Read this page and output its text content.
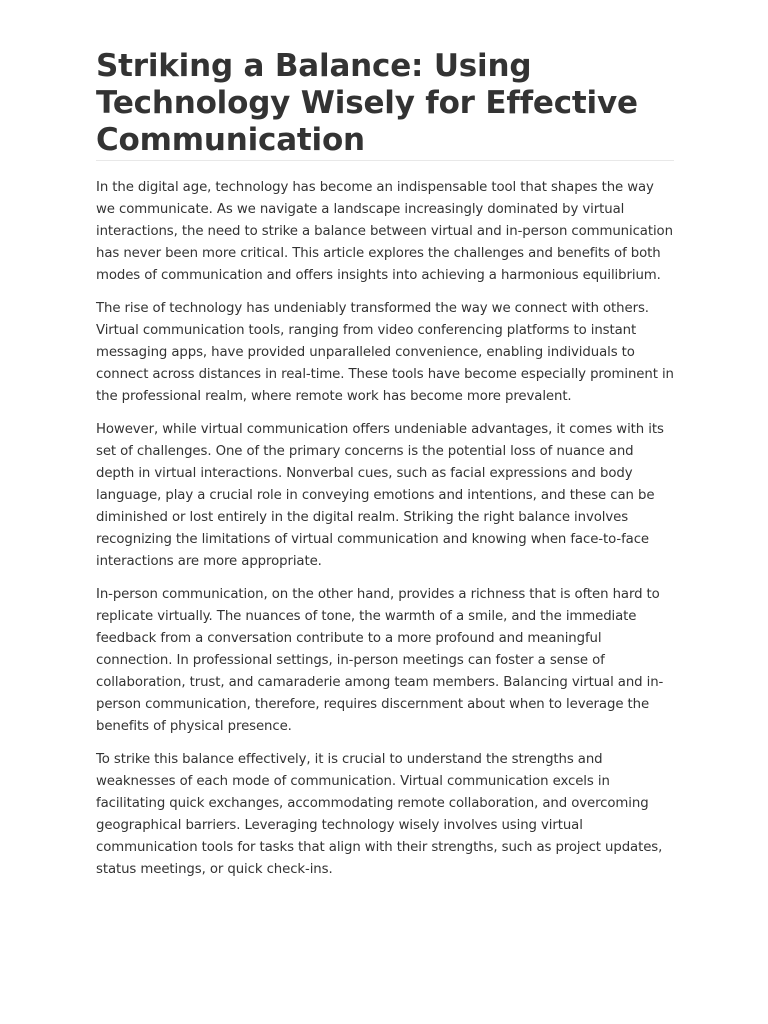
Striking a Balance: Using Technology Wisely for Effective Communication

In the digital age, technology has become an indispensable tool that shapes the way we communicate. As we navigate a landscape increasingly dominated by virtual interactions, the need to strike a balance between virtual and in-person communication has never been more critical. This article explores the challenges and benefits of both modes of communication and offers insights into achieving a harmonious equilibrium.

The rise of technology has undeniably transformed the way we connect with others. Virtual communication tools, ranging from video conferencing platforms to instant messaging apps, have provided unparalleled convenience, enabling individuals to connect across distances in real-time. These tools have become especially prominent in the professional realm, where remote work has become more prevalent.

However, while virtual communication offers undeniable advantages, it comes with its set of challenges. One of the primary concerns is the potential loss of nuance and depth in virtual interactions. Nonverbal cues, such as facial expressions and body language, play a crucial role in conveying emotions and intentions, and these can be diminished or lost entirely in the digital realm. Striking the right balance involves recognizing the limitations of virtual communication and knowing when face-to-face interactions are more appropriate.

In-person communication, on the other hand, provides a richness that is often hard to replicate virtually. The nuances of tone, the warmth of a smile, and the immediate feedback from a conversation contribute to a more profound and meaningful connection. In professional settings, in-person meetings can foster a sense of collaboration, trust, and camaraderie among team members. Balancing virtual and in-person communication, therefore, requires discernment about when to leverage the benefits of physical presence.

To strike this balance effectively, it is crucial to understand the strengths and weaknesses of each mode of communication. Virtual communication excels in facilitating quick exchanges, accommodating remote collaboration, and overcoming geographical barriers. Leveraging technology wisely involves using virtual communication tools for tasks that align with their strengths, such as project updates, status meetings, or quick check-ins.
